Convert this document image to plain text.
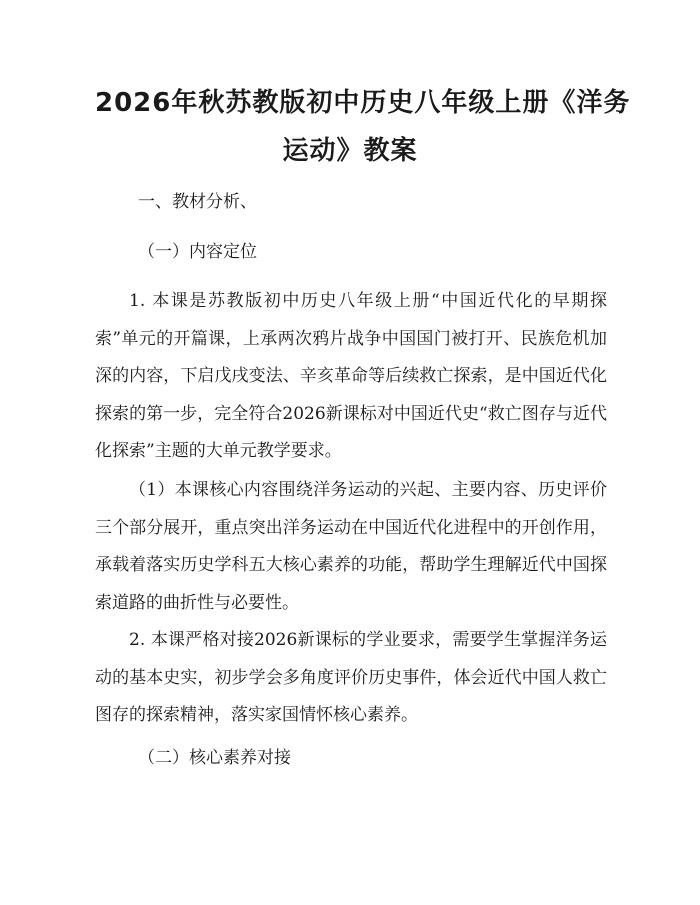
2026年秋苏教版初中历史八年级上册《洋务
运动》教案
一、教材分析、
（一）内容定位
1. 本课是苏教版初中历史八年级上册“中国近代化的早期探索”单元的开篇课，上承两次鸦片战争中国国门被打开、民族危机加深的内容，下启戊戌变法、辛亥革命等后续救亡探索，是中国近代化探索的第一步，完全符合2026新课标对中国近代史“救亡图存与近代化探索”主题的大单元教学要求。
（1）本课核心内容围绕洋务运动的兴起、主要内容、历史评价三个部分展开，重点突出洋务运动在中国近代化进程中的开创作用，承载着落实历史学科五大核心素养的功能，帮助学生理解近代中国探索道路的曲折性与必要性。
2. 本课严格对接2026新课标的学业要求，需要学生掌握洋务运动的基本史实，初步学会多角度评价历史事件，体会近代中国人救亡图存的探索精神，落实家国情怀核心素养。
（二）核心素养对接
